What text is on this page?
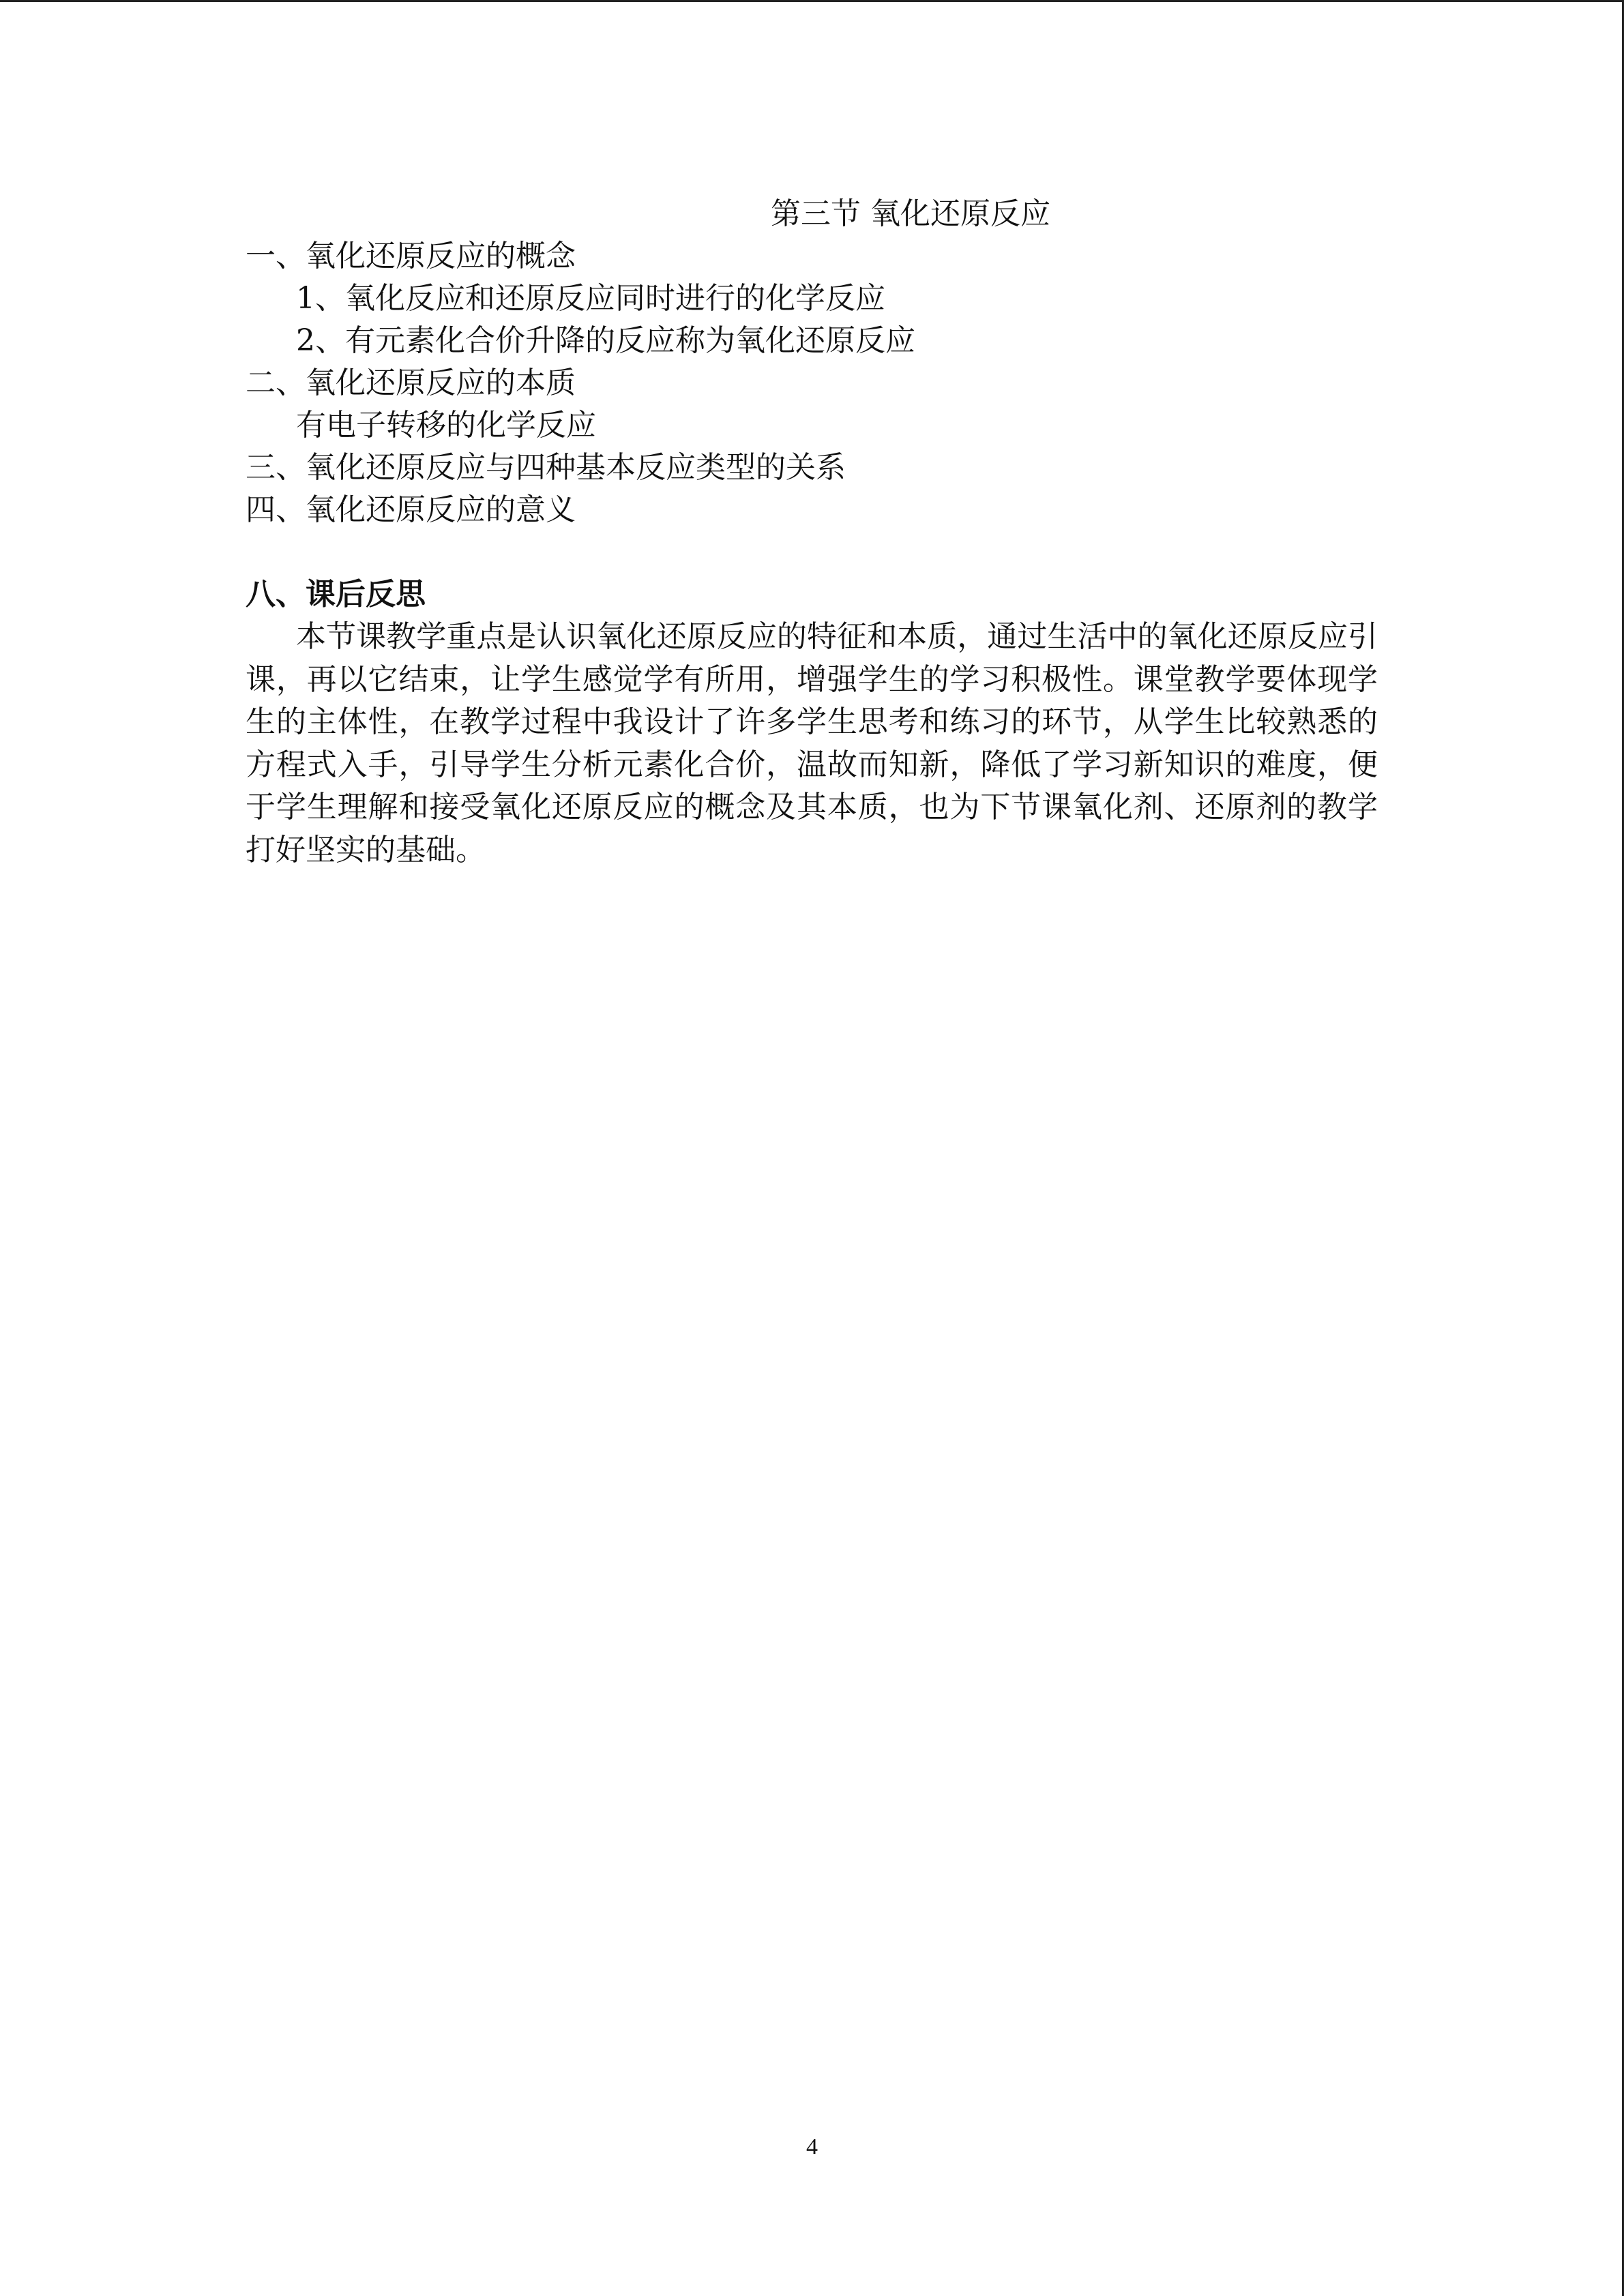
第三节 氧化还原反应
一、氧化还原反应的概念
1、氧化反应和还原反应同时进行的化学反应
2、有元素化合价升降的反应称为氧化还原反应
二、氧化还原反应的本质
有电子转移的化学反应
三、氧化还原反应与四种基本反应类型的关系
四、氧化还原反应的意义
八、课后反思

本节课教学重点是认识氧化还原反应的特征和本质，通过生活中的氧化还原反应引课，再以它结束，让学生感觉学有所用，增强学生的学习积极性。课堂教学要体现学生的主体性，在教学过程中我设计了许多学生思考和练习的环节，从学生比较熟悉的方程式入手，引导学生分析元素化合价，温故而知新，降低了学习新知识的难度，便于学生理解和接受氧化还原反应的概念及其本质，也为下节课氧化剂、还原剂的教学打好坚实的基础。

4
